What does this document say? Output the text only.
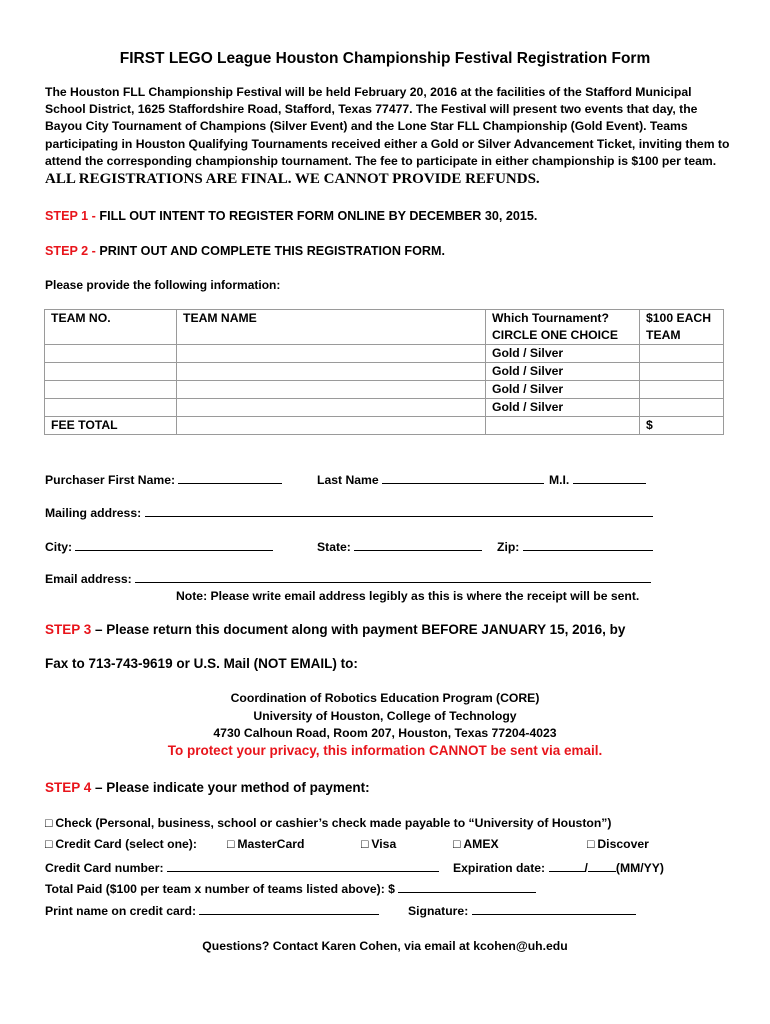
FIRST LEGO League Houston Championship Festival Registration Form

The Houston FLL Championship Festival will be held February 20, 2016 at the facilities of the Stafford Municipal School District, 1625 Staffordshire Road, Stafford, Texas 77477. The Festival will present two events that day, the Bayou City Tournament of Champions (Silver Event) and the Lone Star FLL Championship (Gold Event). Teams participating in Houston Qualifying Tournaments received either a Gold or Silver Advancement Ticket, inviting them to attend the corresponding championship tournament. The fee to participate in either championship is $100 per team.

ALL REGISTRATIONS ARE FINAL. WE CANNOT PROVIDE REFUNDS.
STEP 1 - FILL OUT INTENT TO REGISTER FORM ONLINE BY DECEMBER 30, 2015.
STEP 2 - PRINT OUT AND COMPLETE THIS REGISTRATION FORM.
Please provide the following information:
TEAM NO.	TEAM NAME	Which Tournament?	$100 EACH
		CIRCLE ONE CHOICE	TEAM
		Gold / Silver	
		Gold / Silver	
		Gold / Silver	
		Gold / Silver	
FEE TOTAL			$
Purchaser First Name:	Last Name	M.I.
Mailing address:
City:	State:	Zip:
Email address:
Note: Please write email address legibly as this is where the receipt will be sent.
STEP 3 – Please return this document along with payment BEFORE JANUARY 15, 2016, by
Fax to 713-743-9619 or U.S. Mail (NOT EMAIL) to:
Coordination of Robotics Education Program (CORE)
University of Houston, College of Technology
4730 Calhoun Road, Room 207, Houston, Texas 77204-4023
To protect your privacy, this information CANNOT be sent via email.
STEP 4 – Please indicate your method of payment:
□ Check (Personal, business, school or cashier’s check made payable to “University of Houston”)
□ Credit Card (select one): □ MasterCard	□ Visa	□ AMEX	□ Discover
Credit Card number:	Expiration date:	/ (MM/YY)
Total Paid ($100 per team x number of teams listed above): $
Print name on credit card:	Signature:
Questions? Contact Karen Cohen, via email at kcohen@uh.edu
